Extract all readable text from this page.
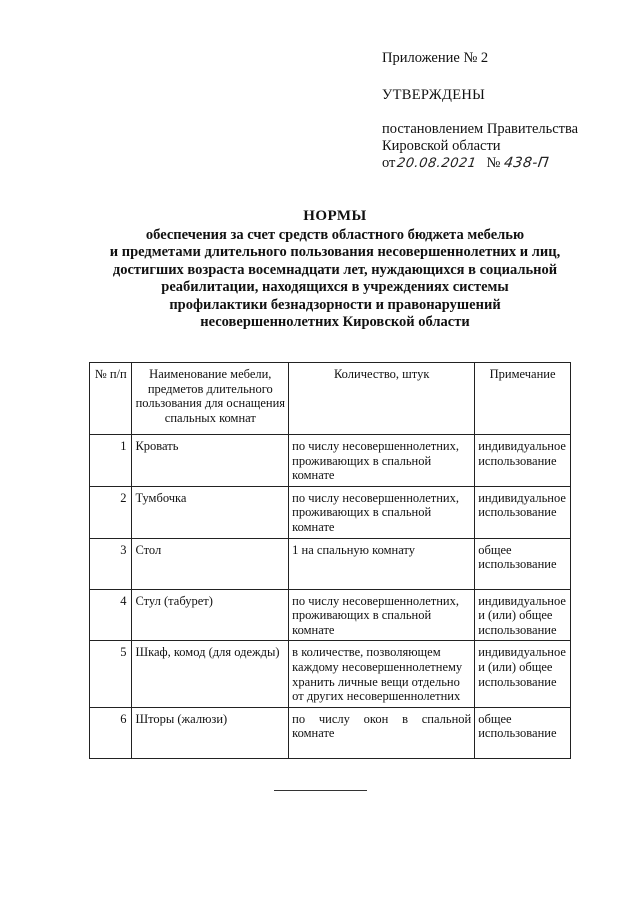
Приложение № 2
УТВЕРЖДЕНЫ
постановлением Правительства
Кировской области
от20.08.2021 № 438-П
НОРМЫ
обеспечения за счет средств областного бюджета мебелью
и предметами длительного пользования несовершеннолетних и лиц,
достигших возраста восемнадцати лет, нуждающихся в социальной
реабилитации, находящихся в учреждениях системы
профилактики безнадзорности и правонарушений
несовершеннолетних Кировской области
№ п/п	Наименование мебели, предметов длительного пользования для оснащения спальных комнат	Количество, штук	Примечание
1	Кровать	по числу несовершеннолетних, проживающих в спальной комнате	индивидуальное использование
2	Тумбочка	по числу несовершеннолетних, проживающих в спальной комнате	индивидуальное использование
3	Стол	1 на спальную комнату	общее использование
4	Стул (табурет)	по числу несовершеннолетних, проживающих в спальной комнате	индивидуальное и (или) общее использование
5	Шкаф, комод (для одежды)	в количестве, позволяющем каждому несовершеннолетнему хранить личные вещи отдельно от других несовершеннолетних	индивидуальное и (или) общее использование
6	Шторы (жалюзи)	по числу окон в спальной комнате	общее использование
